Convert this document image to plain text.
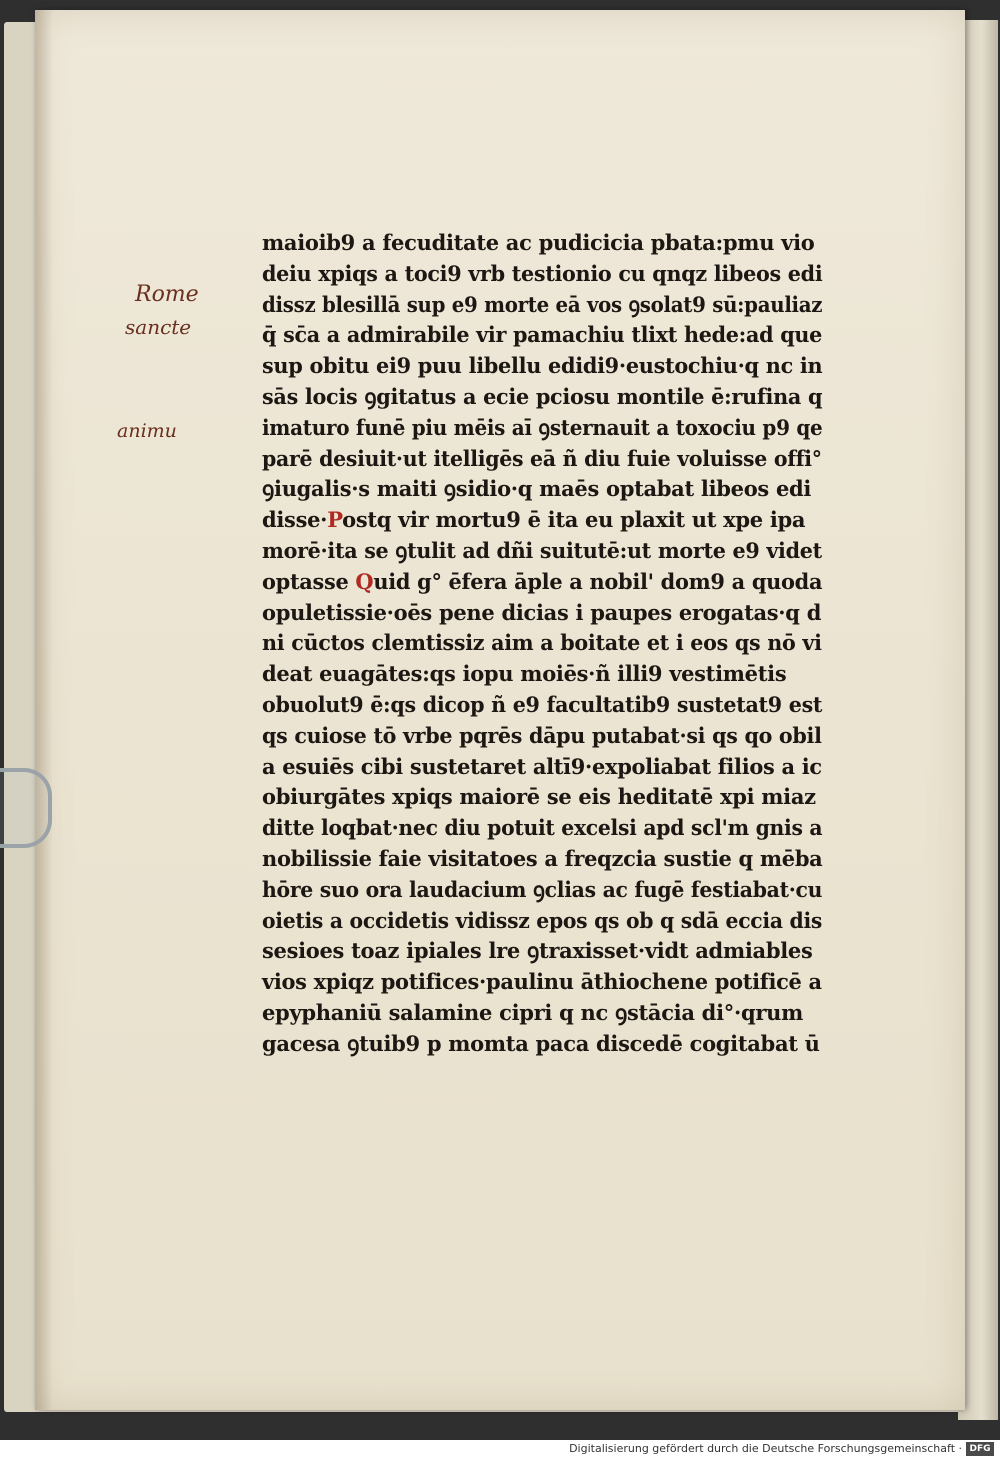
Rome
sancte
animu
maioib9 a fecuditate ac pudicicia pbata:pmu vio
deiu xpiqs a toci9 vrb testionio cu qnqz libeos edi
dissz blesillā sup e9 morte eā vos ꝯsolat9 sū:pauliaz
q̄ sc̄a a admirabile vir pamachiu tlixt hede:ad que
sup obitu ei9 puu libellu edidi9·eustochiu·q nc in
sās locis ꝯgitatus a ecie pciosu montile ē:rufina q
imaturo funē piu mēis aī ꝯsternauit a toxociu p9 qe
parē desiuit·ut itelligēs eā ñ diu fuie voluisse offi°
ꝯiugalis·s maiti ꝯsidio·q maēs optabat libeos edi
disse·Postq vir mortu9 ē ita eu plaxit ut xpe ipa
morē·ita se ꝯtulit ad dñi suitutē:ut morte e9 videt
optasse Quid g° ēfera āple a nobil' dom9 a quoda
opuletissie·oēs pene dicias i paupes erogatas·q d
ni cūctos clemtissiz aim a boitate et i eos qs nō vi
deat euagātes:qs iopu moiēs·ñ illi9 vestimētis
obuolut9 ē:qs dicop ñ e9 facultatib9 sustetat9 est
qs cuiose tō vrbe pqrēs dāpu putabat·si qs qo obil
a esuiēs cibi sustetaret altī9·expoliabat filios a ic
obiurgātes xpiqs maiorē se eis heditatē xpi miaz
ditte loqbat·nec diu potuit excelsi apd scl'm gnis a
nobilissie faie visitatoes a freqzcia sustie q mēba
hōre suo ora laudacium ꝯclias ac fugē festiabat·cu
oietis a occidetis vidissz epos qs ob q sdā eccia dis
sesioes toaz ipiales lre ꝯtraxisset·vidt admiables
vios xpiqz potifices·paulinu āthiochene potificē a
epyphaniū salamine cipri q nc ꝯstācia di°·qrum
gacesa ꝯtuib9 p momta paca discedē cogitabat ū
Digitalisierung gefördert durch die Deutsche Forschungsgemeinschaft · DFG
